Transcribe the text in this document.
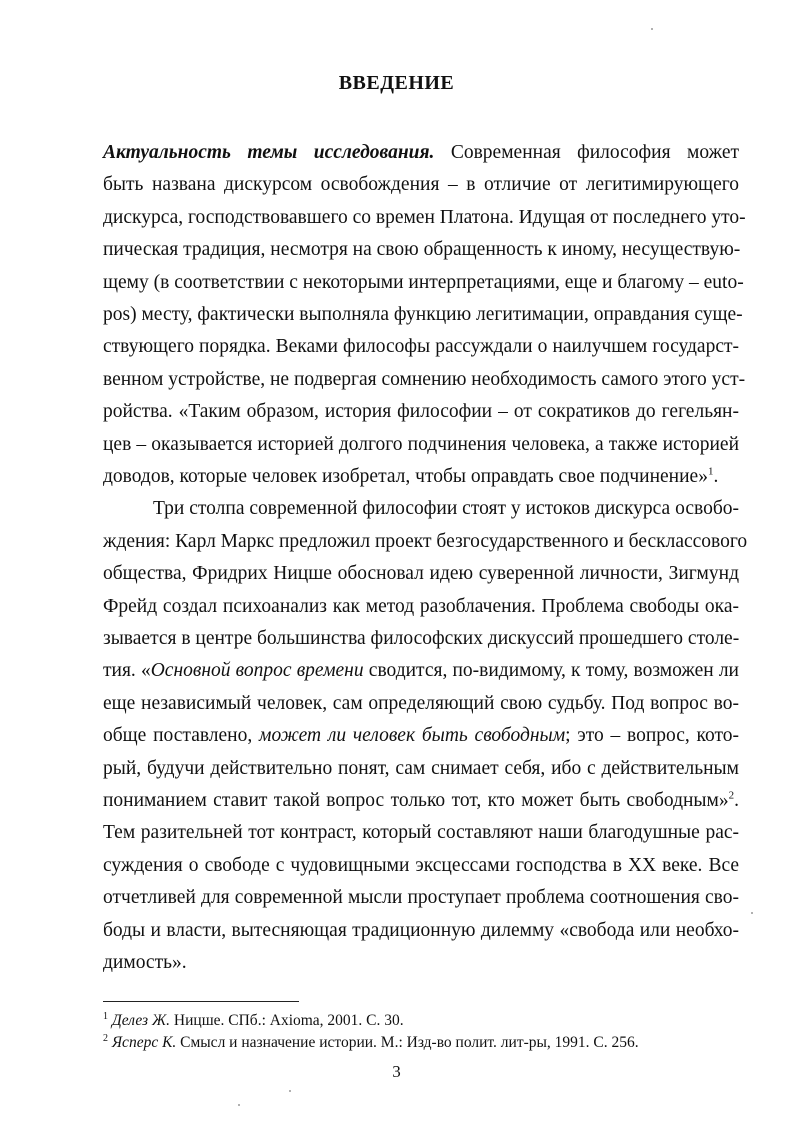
ВВЕДЕНИЕ
Актуальность темы исследования. Современная философия может
быть названа дискурсом освобождения – в отличие от легитимирующего
дискурса, господствовавшего со времен Платона. Идущая от последнего уто-
пическая традиция, несмотря на свою обращенность к иному, несуществую-
щему (в соответствии с некоторыми интерпретациями, еще и благому – eutо-
pos) месту, фактически выполняла функцию легитимации, оправдания суще-
ствующего порядка. Веками философы рассуждали о наилучшем государст-
венном устройстве, не подвергая сомнению необходимость самого этого уст-
ройства. «Таким образом, история философии – от сократиков до гегельян-
цев – оказывается историей долгого подчинения человека, а также историей
доводов, которые человек изобретал, чтобы оправдать свое подчинение»$^1$.
Три столпа современной философии стоят у истоков дискурса освобо-
ждения: Карл Маркс предложил проект безгосударственного и бесклассового
общества, Фридрих Ницше обосновал идею суверенной личности, Зигмунд
Фрейд создал психоанализ как метод разоблачения. Проблема свободы ока-
зывается в центре большинства философских дискуссий прошедшего столе-
тия. «Основной вопрос времени сводится, по-видимому, к тому, возможен ли
еще независимый человек, сам определяющий свою судьбу. Под вопрос во-
обще поставлено, может ли человек быть свободным; это – вопрос, кото-
рый, будучи действительно понят, сам снимает себя, ибо с действительным
пониманием ставит такой вопрос только тот, кто может быть свободным»$^2$.
Тем разительней тот контраст, который составляют наши благодушные рас-
суждения о свободе с чудовищными эксцессами господства в XX веке. Все
отчетливей для современной мысли проступает проблема соотношения сво-
боды и власти, вытесняющая традиционную дилемму «свобода или необхо-
димость».
$^1$ Делез Ж. Ницше. СПб.: Axioma, 2001. С. 30.
$^2$ Ясперс К. Смысл и назначение истории. М.: Изд-во полит. лит-ры, 1991. С. 256.
3
